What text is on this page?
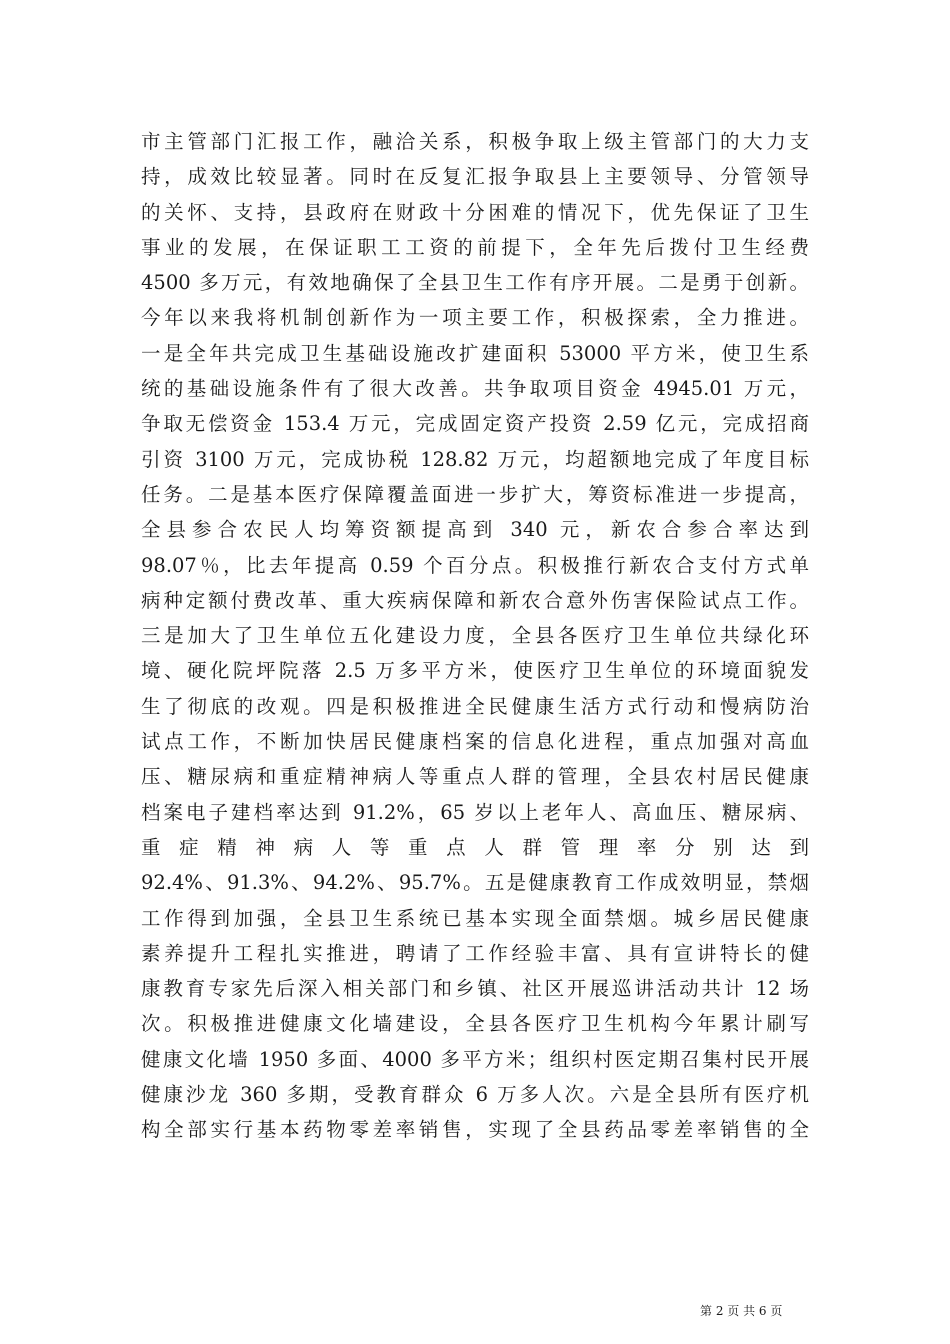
市主管部门汇报工作，融洽关系，积极争取上级主管部门的大力支
持，成效比较显著。同时在反复汇报争取县上主要领导、分管领导
的关怀、支持，县政府在财政十分困难的情况下，优先保证了卫生
事业的发展，在保证职工工资的前提下，全年先后拨付卫生经费
4500 多万元，有效地确保了全县卫生工作有序开展。二是勇于创新。
今年以来我将机制创新作为一项主要工作，积极探索，全力推进。
一是全年共完成卫生基础设施改扩建面积 53000 平方米，使卫生系
统的基础设施条件有了很大改善。共争取项目资金 4945.01 万元，
争取无偿资金 153.4 万元，完成固定资产投资 2.59 亿元，完成招商
引资 3100 万元，完成协税 128.82 万元，均超额地完成了年度目标
任务。二是基本医疗保障覆盖面进一步扩大，筹资标准进一步提高，
全县参合农民人均筹资额提高到 340 元，新农合参合率达到
98.07％，比去年提高 0.59 个百分点。积极推行新农合支付方式单
病种定额付费改革、重大疾病保障和新农合意外伤害保险试点工作。
三是加大了卫生单位五化建设力度，全县各医疗卫生单位共绿化环
境、硬化院坪院落 2.5 万多平方米，使医疗卫生单位的环境面貌发
生了彻底的改观。四是积极推进全民健康生活方式行动和慢病防治
试点工作，不断加快居民健康档案的信息化进程，重点加强对高血
压、糖尿病和重症精神病人等重点人群的管理，全县农村居民健康
档案电子建档率达到 91.2%，65 岁以上老年人、高血压、糖尿病、
重症精神病人等重点人群管理率分别达到
92.4%、91.3%、94.2%、95.7%。五是健康教育工作成效明显，禁烟
工作得到加强，全县卫生系统已基本实现全面禁烟。城乡居民健康
素养提升工程扎实推进，聘请了工作经验丰富、具有宣讲特长的健
康教育专家先后深入相关部门和乡镇、社区开展巡讲活动共计 12 场
次。积极推进健康文化墙建设，全县各医疗卫生机构今年累计刷写
健康文化墙 1950 多面、4000 多平方米；组织村医定期召集村民开展
健康沙龙 360 多期，受教育群众 6 万多人次。六是全县所有医疗机
构全部实行基本药物零差率销售，实现了全县药品零差率销售的全
第 2 页 共 6 页
